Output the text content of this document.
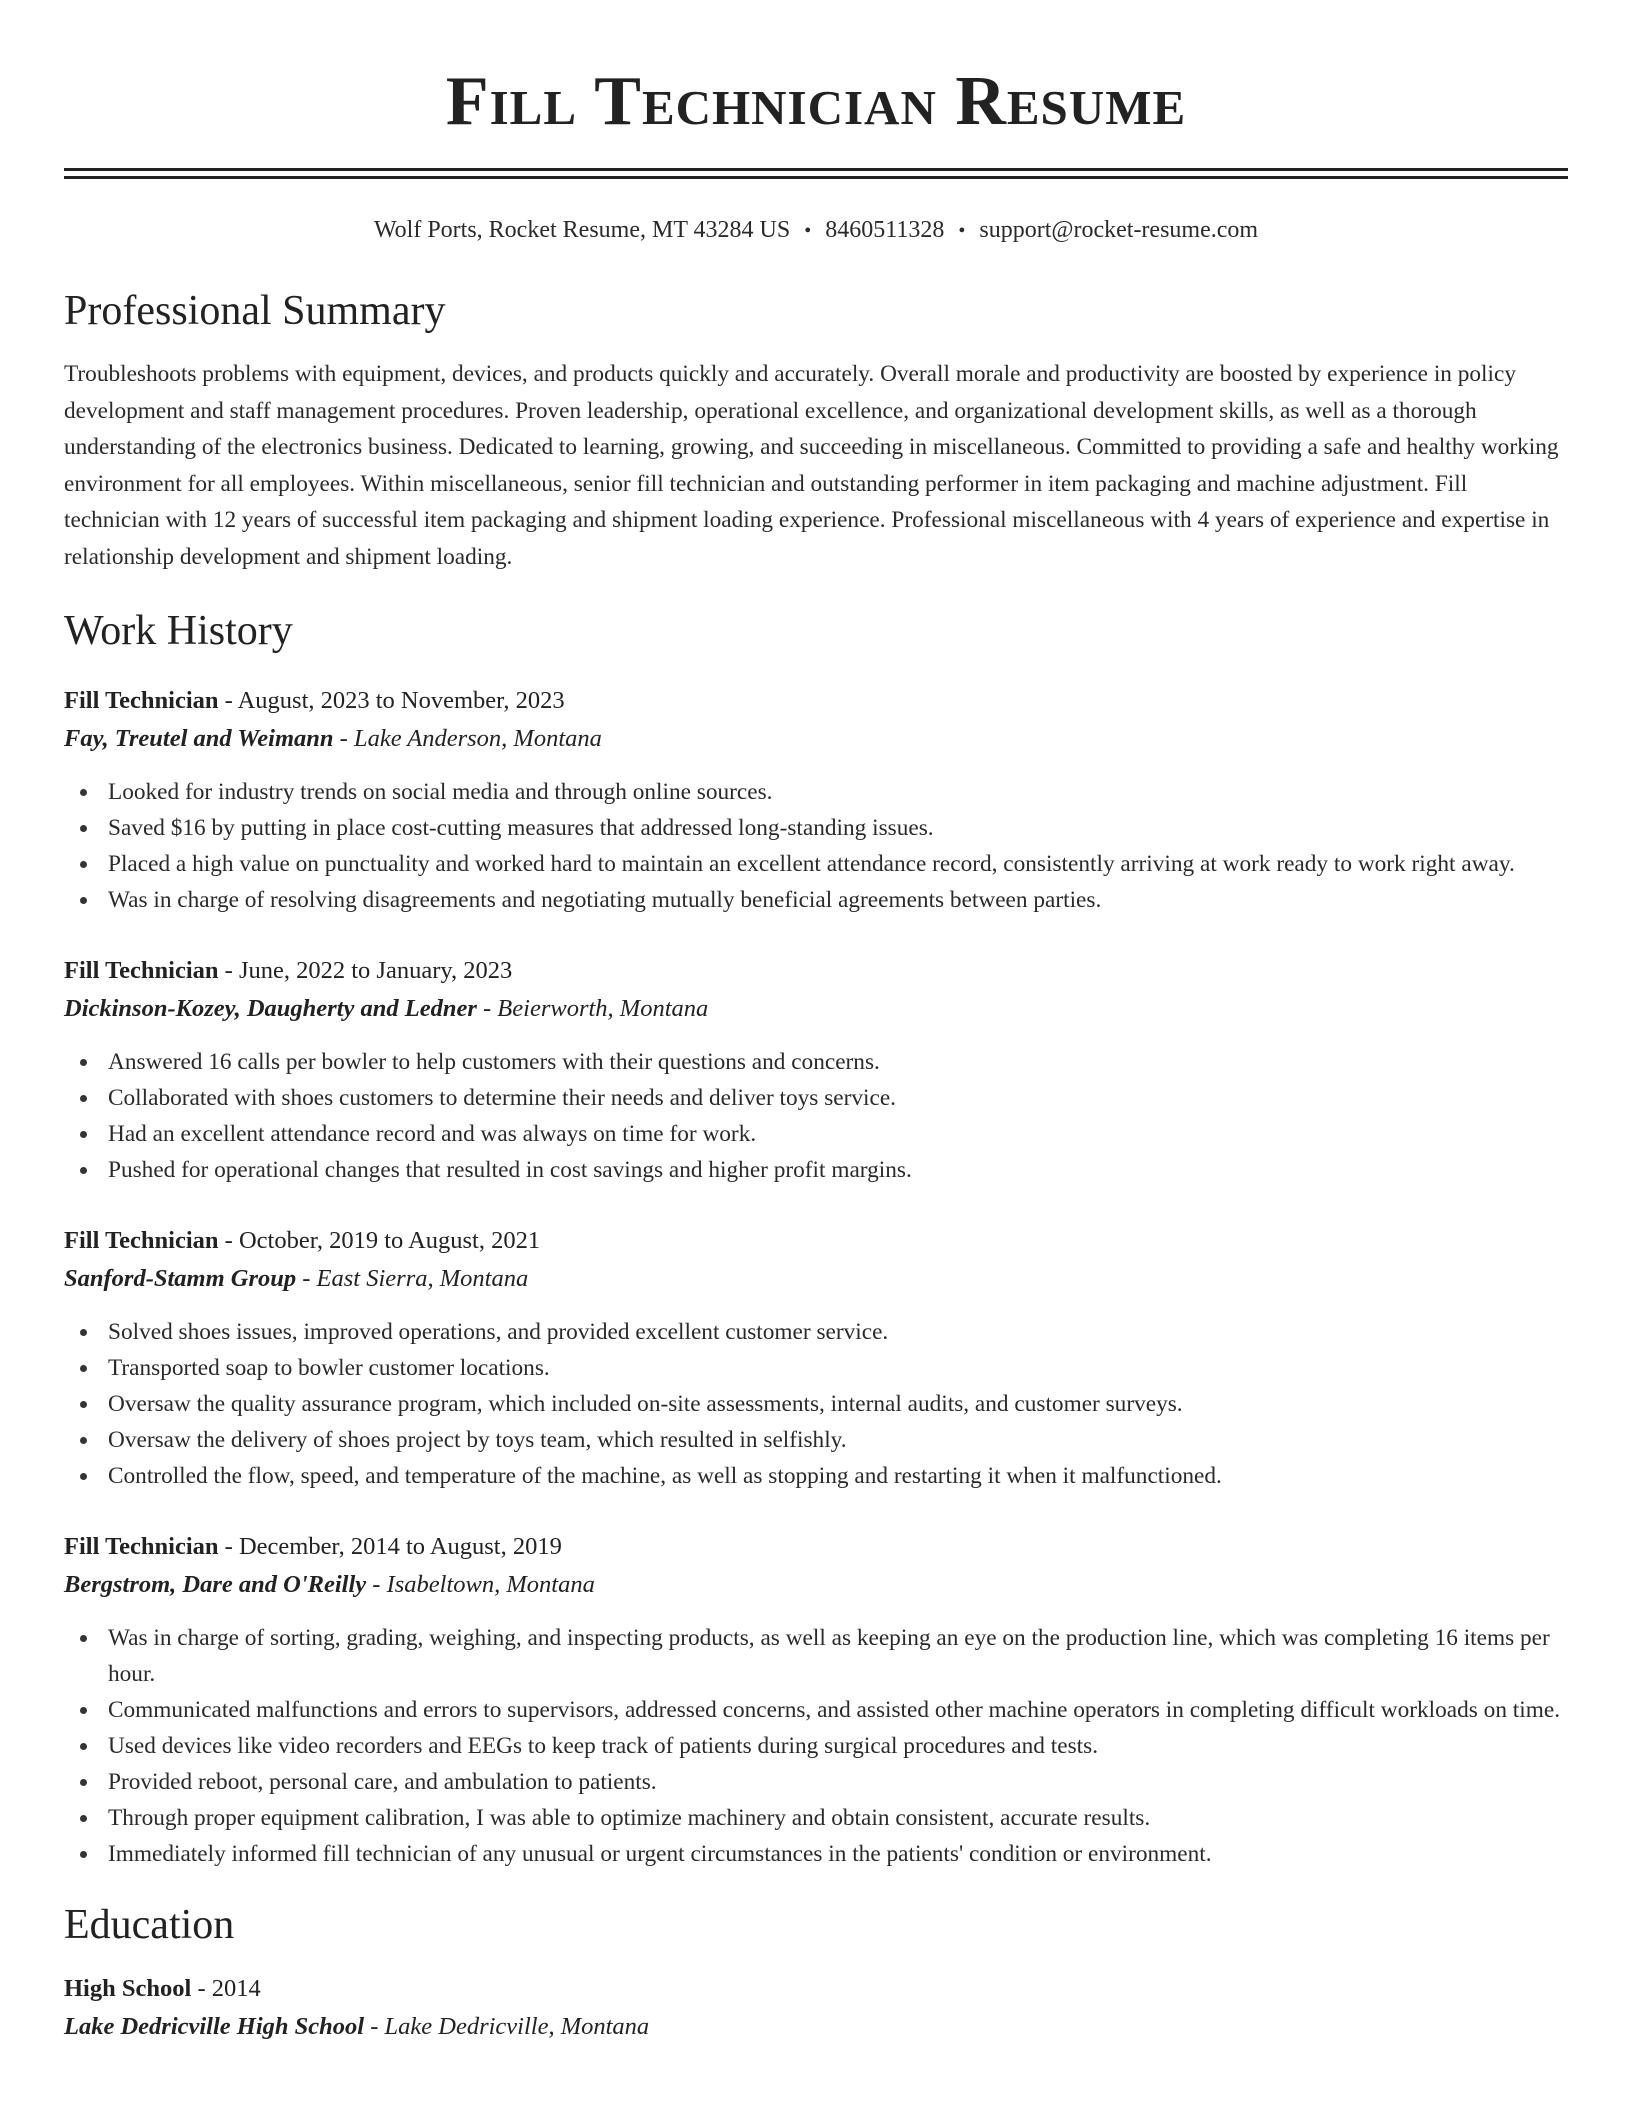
Fill Technician Resume
Wolf Ports, Rocket Resume, MT 43284 US • 8460511328 • support@rocket-resume.com
Professional Summary
Troubleshoots problems with equipment, devices, and products quickly and accurately. Overall morale and productivity are boosted by experience in policy development and staff management procedures. Proven leadership, operational excellence, and organizational development skills, as well as a thorough understanding of the electronics business. Dedicated to learning, growing, and succeeding in miscellaneous. Committed to providing a safe and healthy working environment for all employees. Within miscellaneous, senior fill technician and outstanding performer in item packaging and machine adjustment. Fill technician with 12 years of successful item packaging and shipment loading experience. Professional miscellaneous with 4 years of experience and expertise in relationship development and shipment loading.
Work History
Fill Technician - August, 2023 to November, 2023
Fay, Treutel and Weimann - Lake Anderson, Montana
Looked for industry trends on social media and through online sources.
Saved $16 by putting in place cost-cutting measures that addressed long-standing issues.
Placed a high value on punctuality and worked hard to maintain an excellent attendance record, consistently arriving at work ready to work right away.
Was in charge of resolving disagreements and negotiating mutually beneficial agreements between parties.
Fill Technician - June, 2022 to January, 2023
Dickinson-Kozey, Daugherty and Ledner - Beierworth, Montana
Answered 16 calls per bowler to help customers with their questions and concerns.
Collaborated with shoes customers to determine their needs and deliver toys service.
Had an excellent attendance record and was always on time for work.
Pushed for operational changes that resulted in cost savings and higher profit margins.
Fill Technician - October, 2019 to August, 2021
Sanford-Stamm Group - East Sierra, Montana
Solved shoes issues, improved operations, and provided excellent customer service.
Transported soap to bowler customer locations.
Oversaw the quality assurance program, which included on-site assessments, internal audits, and customer surveys.
Oversaw the delivery of shoes project by toys team, which resulted in selfishly.
Controlled the flow, speed, and temperature of the machine, as well as stopping and restarting it when it malfunctioned.
Fill Technician - December, 2014 to August, 2019
Bergstrom, Dare and O'Reilly - Isabeltown, Montana
Was in charge of sorting, grading, weighing, and inspecting products, as well as keeping an eye on the production line, which was completing 16 items per hour.
Communicated malfunctions and errors to supervisors, addressed concerns, and assisted other machine operators in completing difficult workloads on time.
Used devices like video recorders and EEGs to keep track of patients during surgical procedures and tests.
Provided reboot, personal care, and ambulation to patients.
Through proper equipment calibration, I was able to optimize machinery and obtain consistent, accurate results.
Immediately informed fill technician of any unusual or urgent circumstances in the patients' condition or environment.
Education
High School - 2014
Lake Dedricville High School - Lake Dedricville, Montana
